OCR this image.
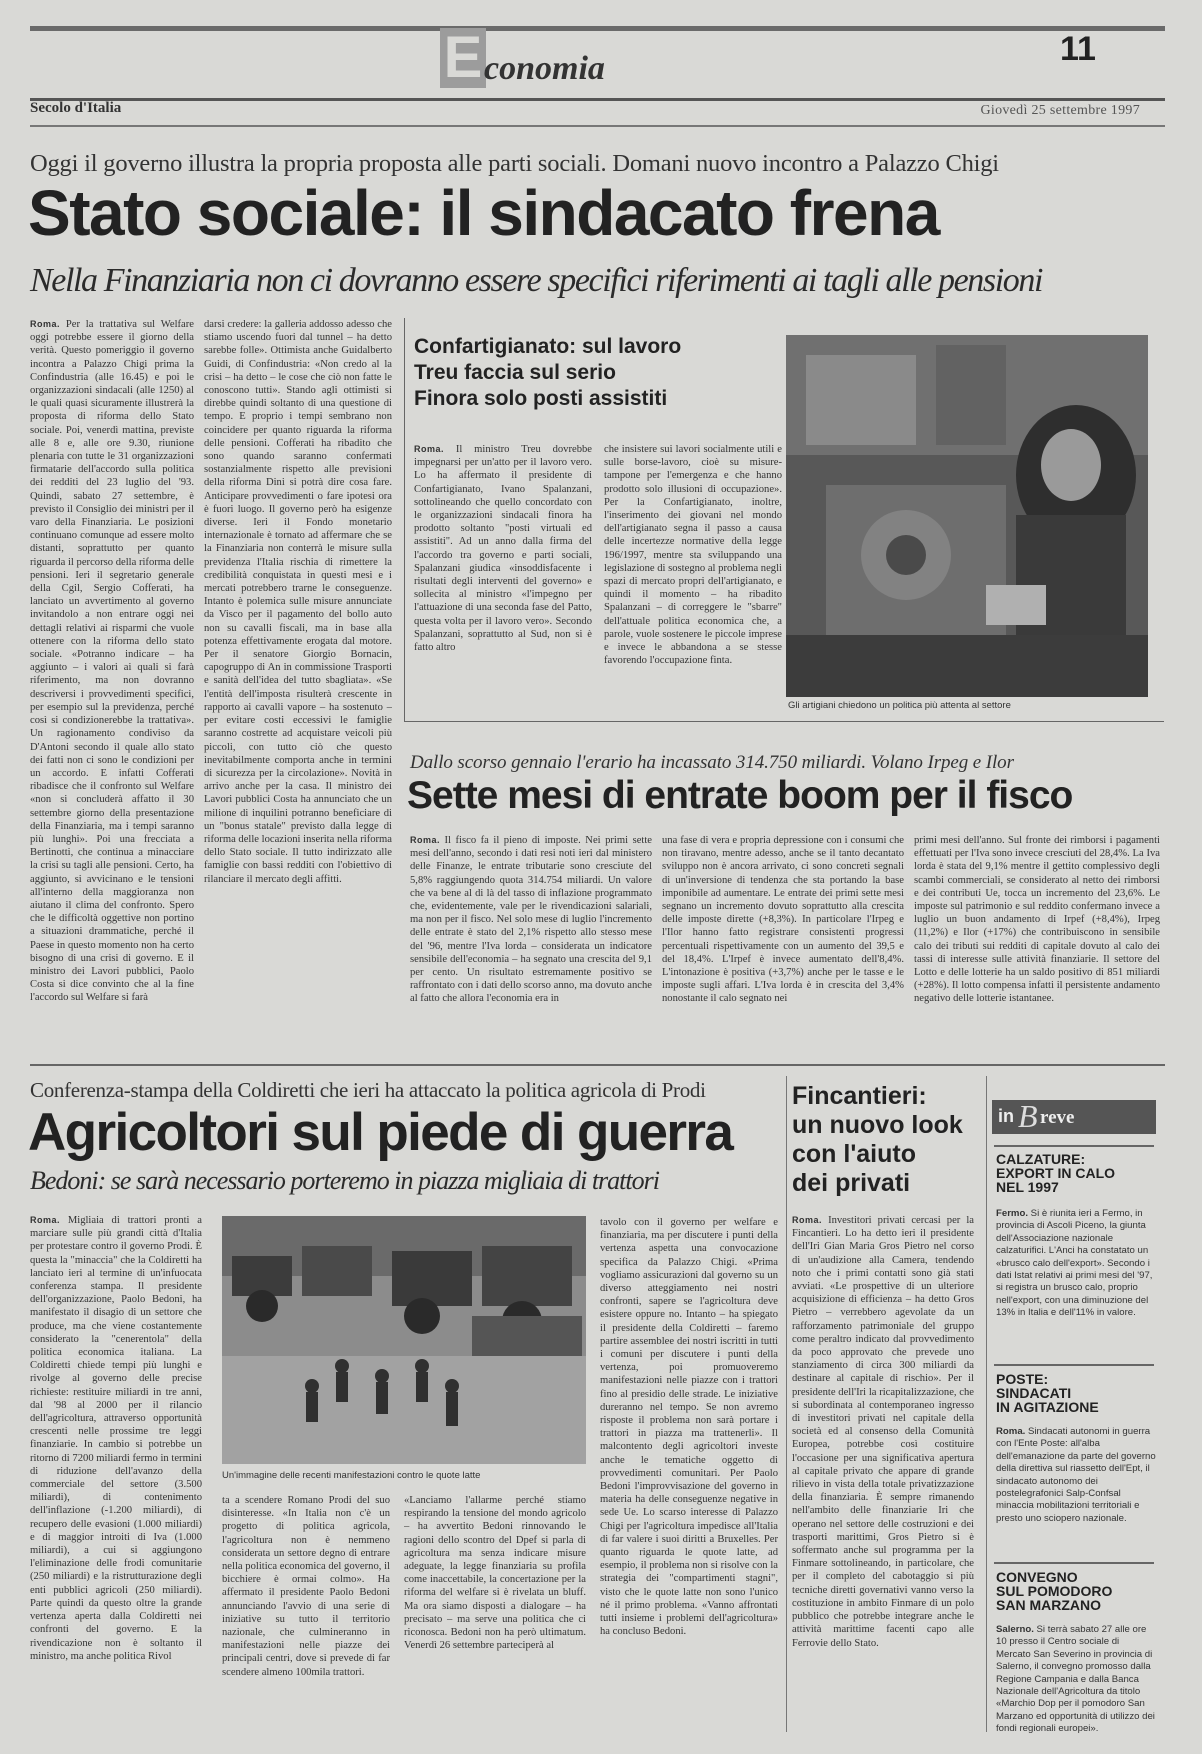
E conomia
11
Secolo d'Italia	Giovedì 25 settembre 1997
Oggi il governo illustra la propria proposta alle parti sociali. Domani nuovo incontro a Palazzo Chigi
Stato sociale: il sindacato frena
Nella Finanziaria non ci dovranno essere specifici riferimenti ai tagli alle pensioni

Roma. Per la trattativa sul Welfare oggi potrebbe essere il giorno della verità. Questo pomeriggio il governo incontra a Palazzo Chigi prima la Confindustria (alle 16.45) e poi le organizzazioni sindacali (alle 1250) al le quali quasi sicuramente illustrerà la proposta di riforma dello Stato sociale. Poi, venerdì mattina, previste alle 8 e, alle ore 9.30, riunione plenaria con tutte le 31 organizzazioni firmatarie dell'accordo sulla politica dei redditi del 23 luglio del '93. Quindi, sabato 27 settembre, è previsto il Consiglio dei ministri per il varo della Finanziaria. Le posizioni continuano comunque ad essere molto distanti, soprattutto per quanto riguarda il percorso della riforma delle pensioni. Ieri il segretario generale della Cgil, Sergio Cofferati, ha lanciato un avvertimento al governo invitandolo a non entrare oggi nei dettagli relativi ai risparmi che vuole ottenere con la riforma dello stato sociale. «Potranno indicare – ha aggiunto – i valori ai quali si farà riferimento, ma non dovranno descriversi i provvedimenti specifici, per esempio sul la previdenza, perché così si condizionerebbe la trattativa». Un ragionamento condiviso da D'Antoni secondo il quale allo stato dei fatti non ci sono le condizioni per un accordo. E infatti Cofferati ribadisce che il confronto sul Welfare «non si concluderà affatto il 30 settembre giorno della presentazione della Finanziaria, ma i tempi saranno più lunghi». Poi una frecciata a Bertinotti, che continua a minacciare la crisi su tagli alle pensioni. Certo, ha aggiunto, si avvicinano e le tensioni all'interno della maggioranza non aiutano il clima del confronto. Spero che le difficoltà oggettive non portino a situazioni drammatiche, perché il Paese in questo momento non ha certo bisogno di una crisi di governo. E il ministro dei Lavori pubblici, Paolo Costa si dice convinto che al la fine l'accordo sul Welfare si farà

darsi credere: la galleria addosso adesso che stiamo uscendo fuori dal tunnel – ha detto sarebbe folle». Ottimista anche Guidalberto Guidi, di Confindustria: «Non credo al la crisi – ha detto – le cose che ciò non fatte le conoscono tutti». Stando agli ottimisti si direbbe quindi soltanto di una questione di tempo. E proprio i tempi sembrano non coincidere per quanto riguarda la riforma delle pensioni. Cofferati ha ribadito che sono quando saranno confermati sostanzialmente rispetto alle previsioni della riforma Dini si potrà dire cosa fare. Anticipare provvedimenti o fare ipotesi ora è fuori luogo. Il governo però ha esigenze diverse. Ieri il Fondo monetario internazionale è tornato ad affermare che se la Finanziaria non conterrà le misure sulla previdenza l'Italia rischia di rimettere la credibilità conquistata in questi mesi e i mercati potrebbero trarne le conseguenze. Intanto è polemica sulle misure annunciate da Visco per il pagamento del bollo auto non su cavalli fiscali, ma in base alla potenza effettivamente erogata dal motore. Per il senatore Giorgio Bornacin, capogruppo di An in commissione Trasporti e sanità dell'idea del tutto sbagliata». «Se l'entità dell'imposta risulterà crescente in rapporto ai cavalli vapore – ha sostenuto – per evitare costi eccessivi le famiglie saranno costrette ad acquistare veicoli più piccoli, con tutto ciò che questo inevitabilmente comporta anche in termini di sicurezza per la circolazione». Novità in arrivo anche per la casa. Il ministro dei Lavori pubblici Costa ha annunciato che un milione di inquilini potranno beneficiare di un "bonus statale" previsto dalla legge di riforma delle locazioni inserita nella riforma dello Stato sociale. Il tutto indirizzato alle famiglie con bassi redditi con l'obiettivo di rilanciare il mercato degli affitti.

Confartigianato: sul lavoro
Treu faccia sul serio
Finora solo posti assistiti

Roma. Il ministro Treu dovrebbe impegnarsi per un'atto per il lavoro vero. Lo ha affermato il presidente di Confartigianato, Ivano Spalanzani, sottolineando che quello concordato con le organizzazioni sindacali finora ha prodotto soltanto "posti virtuali ed assistiti". Ad un anno dalla firma del l'accordo tra governo e parti sociali, Spalanzani giudica «insoddisfacente i risultati degli interventi del governo» e sollecita al ministro «l'impegno per l'attuazione di una seconda fase del Patto, questa volta per il lavoro vero». Secondo Spalanzani, soprattutto al Sud, non si è fatto altro

che insistere sui lavori socialmente utili e sulle borse-lavoro, cioè su misure-tampone per l'emergenza e che hanno prodotto solo illusioni di occupazione». Per la Confartigianato, inoltre, l'inserimento dei giovani nel mondo dell'artigianato segna il passo a causa delle incertezze normative della legge 196/1997, mentre sta sviluppando una legislazione di sostegno al problema negli spazi di mercato propri dell'artigianato, e quindi il momento – ha ribadito Spalanzani – di correggere le "sbarre" dell'attuale politica economica che, a parole, vuole sostenere le piccole imprese e invece le abbandona a se stesse favorendo l'occupazione finta.

Gli artigiani chiedono un politica più attenta al settore
Dallo scorso gennaio l'erario ha incassato 314.750 miliardi. Volano Irpeg e Ilor
Sette mesi di entrate boom per il fisco

Roma. Il fisco fa il pieno di imposte. Nei primi sette mesi dell'anno, secondo i dati resi noti ieri dal ministero delle Finanze, le entrate tributarie sono cresciute del 5,8% raggiungendo quota 314.754 miliardi. Un valore che va bene al di là del tasso di inflazione programmato che, evidentemente, vale per le rivendicazioni salariali, ma non per il fisco. Nel solo mese di luglio l'incremento delle entrate è stato del 2,1% rispetto allo stesso mese del '96, mentre l'Iva lorda – considerata un indicatore sensibile dell'economia – ha segnato una crescita del 9,1 per cento. Un risultato estremamente positivo se raffrontato con i dati dello scorso anno, ma dovuto anche al fatto che allora l'economia era in

una fase di vera e propria depressione con i consumi che non tiravano, mentre adesso, anche se il tanto decantato sviluppo non è ancora arrivato, ci sono concreti segnali di un'inversione di tendenza che sta portando la base imponibile ad aumentare. Le entrate dei primi sette mesi segnano un incremento dovuto soprattutto alla crescita delle imposte dirette (+8,3%). In particolare l'Irpeg e l'Ilor hanno fatto registrare consistenti progressi percentuali rispettivamente con un aumento del 39,5 e del 18,4%. L'Irpef è invece aumentato dell'8,4%. L'intonazione è positiva (+3,7%) anche per le tasse e le imposte sugli affari. L'Iva lorda è in crescita del 3,4% nonostante il calo segnato nei

primi mesi dell'anno. Sul fronte dei rimborsi i pagamenti effettuati per l'Iva sono invece cresciuti del 28,4%. La Iva lorda è stata del 9,1% mentre il gettito complessivo degli scambi commerciali, se considerato al netto dei rimborsi e dei contributi Ue, tocca un incremento del 23,6%. Le imposte sul patrimonio e sul reddito confermano invece a luglio un buon andamento di Irpef (+8,4%), Irpeg (11,2%) e Ilor (+17%) che contribuiscono in sensibile calo dei tributi sui redditi di capitale dovuto al calo dei tassi di interesse sulle attività finanziarie. Il settore del Lotto e delle lotterie ha un saldo positivo di 851 miliardi (+28%). Il lotto compensa infatti il persistente andamento negativo delle lotterie istantanee.

Conferenza-stampa della Coldiretti che ieri ha attaccato la politica agricola di Prodi
Agricoltori sul piede di guerra
Bedoni: se sarà necessario porteremo in piazza migliaia di trattori

Roma. Migliaia di trattori pronti a marciare sulle più grandi città d'Italia per protestare contro il governo Prodi. È questa la "minaccia" che la Coldiretti ha lanciato ieri al termine di un'infuocata conferenza stampa. Il presidente dell'organizzazione, Paolo Bedoni, ha manifestato il disagio di un settore che produce, ma che viene costantemente considerato la "cenerentola" della politica economica italiana. La Coldiretti chiede tempi più lunghi e rivolge al governo delle precise richieste: restituire miliardi in tre anni, dal '98 al 2000 per il rilancio dell'agricoltura, attraverso opportunità crescenti nelle prossime tre leggi finanziarie. In cambio si potrebbe un ritorno di 7200 miliardi fermo in termini di riduzione dell'avanzo della commerciale del settore (3.500 miliardi), di contenimento dell'inflazione (-1.200 miliardi), di recupero delle evasioni (1.000 miliardi) e di maggior introiti di Iva (1.000 miliardi), a cui si aggiungono l'eliminazione delle frodi comunitarie (250 miliardi) e la ristrutturazione degli enti pubblici agricoli (250 miliardi). Parte quindi da questo oltre la grande vertenza aperta dalla Coldiretti nei confronti del governo. E la rivendicazione non è soltanto il ministro, ma anche politica Rivol

Un'immagine delle recenti manifestazioni contro le quote latte

ta a scendere Romano Prodi del suo disinteresse. «In Italia non c'è un progetto di politica agricola, l'agricoltura non è nemmeno considerata un settore degno di entrare nella politica economica del governo, il bicchiere è ormai colmo». Ha affermato il presidente Paolo Bedoni annunciando l'avvio di una serie di iniziative su tutto il territorio nazionale, che culmineranno in manifestazioni nelle piazze dei principali centri, dove si prevede di far scendere almeno 100mila trattori.

«Lanciamo l'allarme perché stiamo respirando la tensione del mondo agricolo – ha avvertito Bedoni rinnovando le ragioni dello scontro del Dpef si parla di agricoltura ma senza indicare misure adeguate, la legge finanziaria su profila come inaccettabile, la concertazione per la riforma del welfare si è rivelata un bluff. Ma ora siamo disposti a dialogare – ha precisato – ma serve una politica che ci riconosca. Bedoni non ha però ultimatum. Venerdì 26 settembre parteciperà al

tavolo con il governo per welfare e finanziaria, ma per discutere i punti della vertenza aspetta una convocazione specifica da Palazzo Chigi. «Prima vogliamo assicurazioni dal governo su un diverso atteggiamento nei nostri confronti, sapere se l'agricoltura deve esistere oppure no. Intanto – ha spiegato il presidente della Coldiretti – faremo partire assemblee dei nostri iscritti in tutti i comuni per discutere i punti della vertenza, poi promuoveremo manifestazioni nelle piazze con i trattori fino al presidio delle strade. Le iniziative dureranno nel tempo. Se non avremo risposte il problema non sarà portare i trattori in piazza ma trattenerli». Il malcontento degli agricoltori investe anche le tematiche oggetto di provvedimenti comunitari. Per Paolo Bedoni l'improvvisazione del governo in materia ha delle conseguenze negative in sede Ue. Lo scarso interesse di Palazzo Chigi per l'agricoltura impedisce all'Italia di far valere i suoi diritti a Bruxelles. Per quanto riguarda le quote latte, ad esempio, il problema non si risolve con la strategia dei "compartimenti stagni", visto che le quote latte non sono l'unico né il primo problema. «Vanno affrontati tutti insieme i problemi dell'agricoltura» ha concluso Bedoni.

Fincantieri:
un nuovo look
con l'aiuto
dei privati

Roma. Investitori privati cercasi per la Fincantieri. Lo ha detto ieri il presidente dell'Iri Gian Maria Gros Pietro nel corso di un'audizione alla Camera, tendendo noto che i primi contatti sono già stati avviati. «Le prospettive di un ulteriore acquisizione di efficienza – ha detto Gros Pietro – verrebbero agevolate da un rafforzamento patrimoniale del gruppo come peraltro indicato dal provvedimento da poco approvato che prevede uno stanziamento di circa 300 miliardi da destinare al capitale di rischio». Per il presidente dell'Iri la ricapitalizzazione, che si subordinata al contemporaneo ingresso di investitori privati nel capitale della società ed al consenso della Comunità Europea, potrebbe così costituire l'occasione per una significativa apertura al capitale privato che appare di grande rilievo in vista della totale privatizzazione della finanziaria. È sempre rimanendo nell'ambito delle finanziarie Iri che operano nel settore delle costruzioni e dei trasporti marittimi, Gros Pietro si è soffermato anche sul programma per la Finmare sottolineando, in particolare, che per il completo del cabotaggio si più tecniche diretti governativi vanno verso la costituzione in ambito Finmare di un polo pubblico che potrebbe integrare anche le attività marittime facenti capo alle Ferrovie dello Stato.

in B reve
CALZATURE:
EXPORT IN CALO
NEL 1997
Fermo. Si è riunita ieri a Fermo, in provincia di Ascoli Piceno, la giunta dell'Associazione nazionale calzaturifici. L'Anci ha constatato un «brusco calo dell'export». Secondo i dati Istat relativi ai primi mesi del '97, si registra un brusco calo, proprio nell'export, con una diminuzione del 13% in Italia e dell'11% in valore.
POSTE:
SINDACATI
IN AGITAZIONE
Roma. Sindacati autonomi in guerra con l'Ente Poste: all'alba dell'emanazione da parte del governo della direttiva sul riassetto dell'Ept, il sindacato autonomo dei postelegrafonici Salp-Confsal minaccia mobilitazioni territoriali e presto uno sciopero nazionale.
CONVEGNO
SUL POMODORO
SAN MARZANO
Salerno. Si terrà sabato 27 alle ore 10 presso il Centro sociale di Mercato San Severino in provincia di Salerno, il convegno promosso dalla Regione Campania e dalla Banca Nazionale dell'Agricoltura da titolo «Marchio Dop per il pomodoro San Marzano ed opportunità di utilizzo dei fondi regionali europei».
